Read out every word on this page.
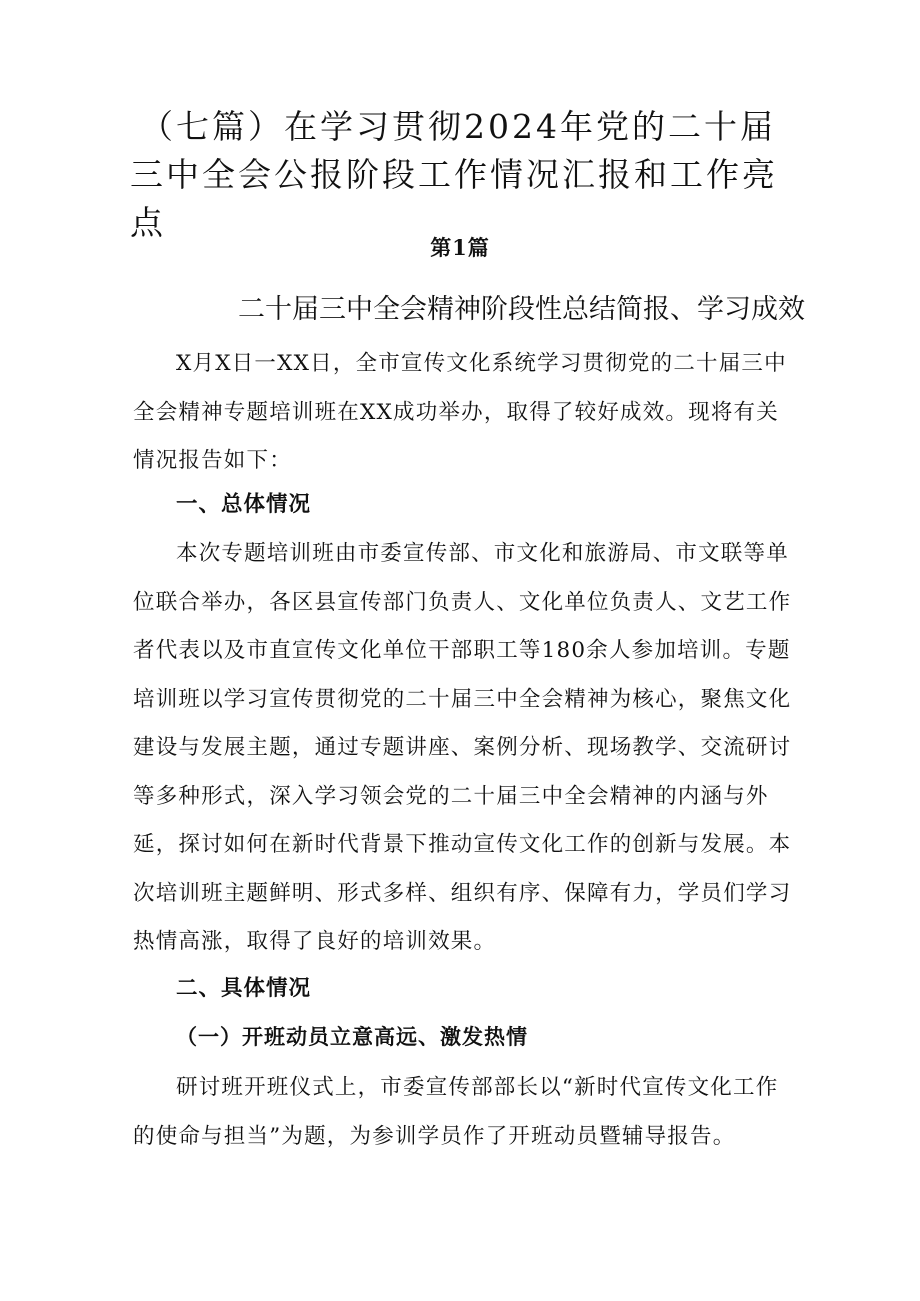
（七篇）在学习贯彻2024年党的二十届三中全会公报阶段工作情况汇报和工作亮点
第1篇
二十届三中全会精神阶段性总结简报、学习成效

X月X日一XX日，全市宣传文化系统学习贯彻党的二十届三中全会精神专题培训班在XX成功举办，取得了较好成效。现将有关情况报告如下：

一、总体情况

本次专题培训班由市委宣传部、市文化和旅游局、市文联等单位联合举办，各区县宣传部门负责人、文化单位负责人、文艺工作者代表以及市直宣传文化单位干部职工等180余人参加培训。专题培训班以学习宣传贯彻党的二十届三中全会精神为核心，聚焦文化建设与发展主题，通过专题讲座、案例分析、现场教学、交流研讨等多种形式，深入学习领会党的二十届三中全会精神的内涵与外延，探讨如何在新时代背景下推动宣传文化工作的创新与发展。本次培训班主题鲜明、形式多样、组织有序、保障有力，学员们学习热情高涨，取得了良好的培训效果。

二、具体情况
（一）开班动员立意高远、激发热情

研讨班开班仪式上，市委宣传部部长以“新时代宣传文化工作的使命与担当”为题，为参训学员作了开班动员暨辅导报告。
